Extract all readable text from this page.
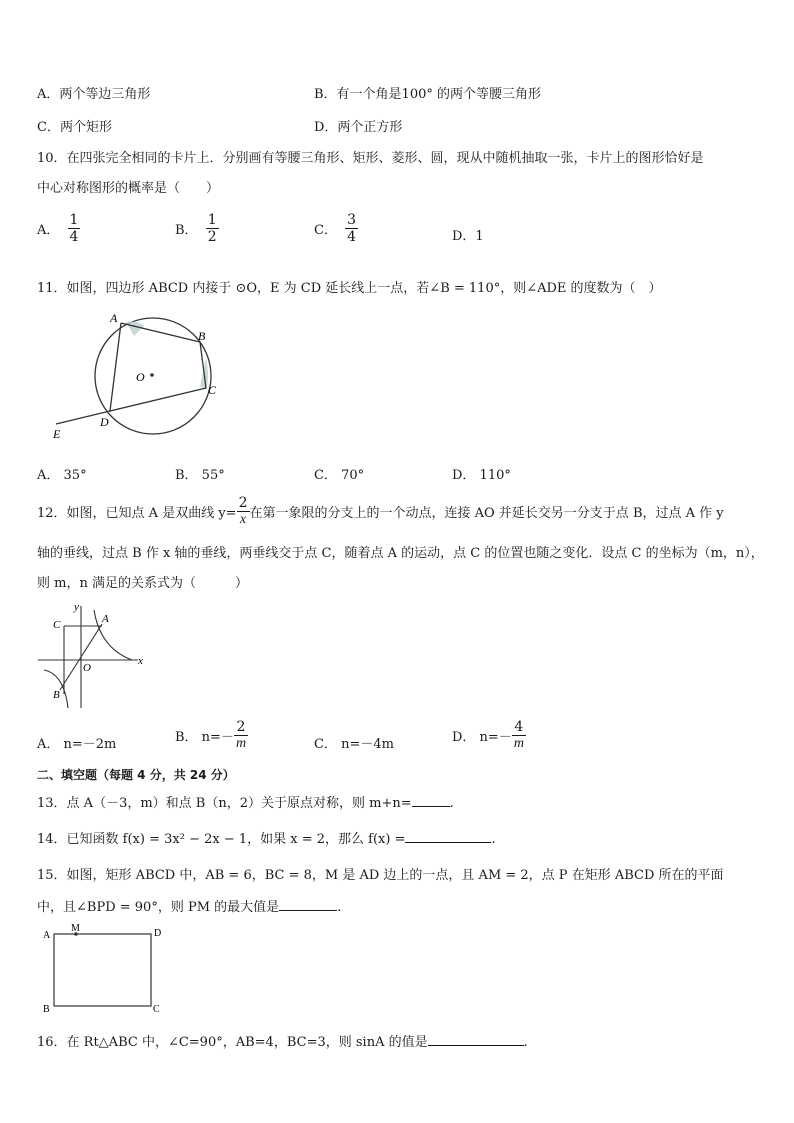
A．两个等边三角形	B．有一个角是100° 的两个等腰三角形
C．两个矩形	D．两个正方形
10．在四张完全相同的卡片上．分别画有等腰三角形、矩形、菱形、圆，现从中随机抽取一张，卡片上的图形恰好是
中心对称图形的概率是（　　）
A． $\frac{1}{4}$	B． $\frac{1}{2}$	C． $\frac{3}{4}$	D．1
11．如图，四边形 ABCD 内接于 ⊙O，E 为 CD 延长线上一点，若∠B = 110°，则∠ADE 的度数为（　）
A
B
C
D
E
O
A． 35°	B． 55°	C． 70°	D． 110°
12．如图，已知点 A 是双曲线 $y= \frac{2}{x}$ 在第一象限的分支上的一个动点，连接 AO 并延长交另一分支于点 B，过点 A 作 y
轴的垂线，过点 B 作 x 轴的垂线，两垂线交于点 C，随着点 A 的运动，点 C 的位置也随之变化．设点 C 的坐标为（m，n），
则 m，n 满足的关系式为（　　　）
y
C	A
O
x
B
A． n=－2m	B． $n=- \frac{2}{m}$	C． n=－4m	D． $n=- \frac{4}{m}$
二、填空题（每题 4 分，共 24 分）
13．点 A（－3，m）和点 B（n，2）关于原点对称，则 m+n=	.
14．已知函数 f(x) = 3x² − 2x − 1，如果 x = 2，那么 f(x) =	.
15．如图，矩形 ABCD 中，AB = 6，BC = 8，M 是 AD 边上的一点，且 AM = 2，点 P 在矩形 ABCD 所在的平面
中，且∠BPD = 90°，则 PM 的最大值是	.
A
M	D
B	C
16．在 Rt△ABC 中，∠C=90°，AB=4，BC=3，则 sinA 的值是	.
